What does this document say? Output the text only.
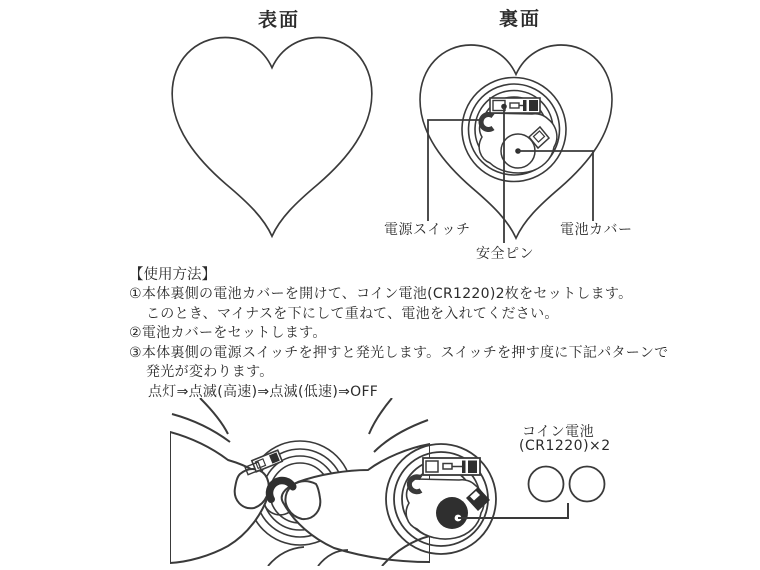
表面	裏面
電源スイッチ
安全ピン
電池カバー
【使用方法】
①本体裏側の電池カバーを開けて、コイン電池(CR1220)2枚をセットします。
このとき、マイナスを下にして重ねて、電池を入れてください。
②電池カバーをセットします。
③本体裏側の電源スイッチを押すと発光します。スイッチを押す度に下記パターンで
発光が変わります。
点灯⇒点滅(高速)⇒点滅(低速)⇒OFF
コイン電池
(CR1220)×2
